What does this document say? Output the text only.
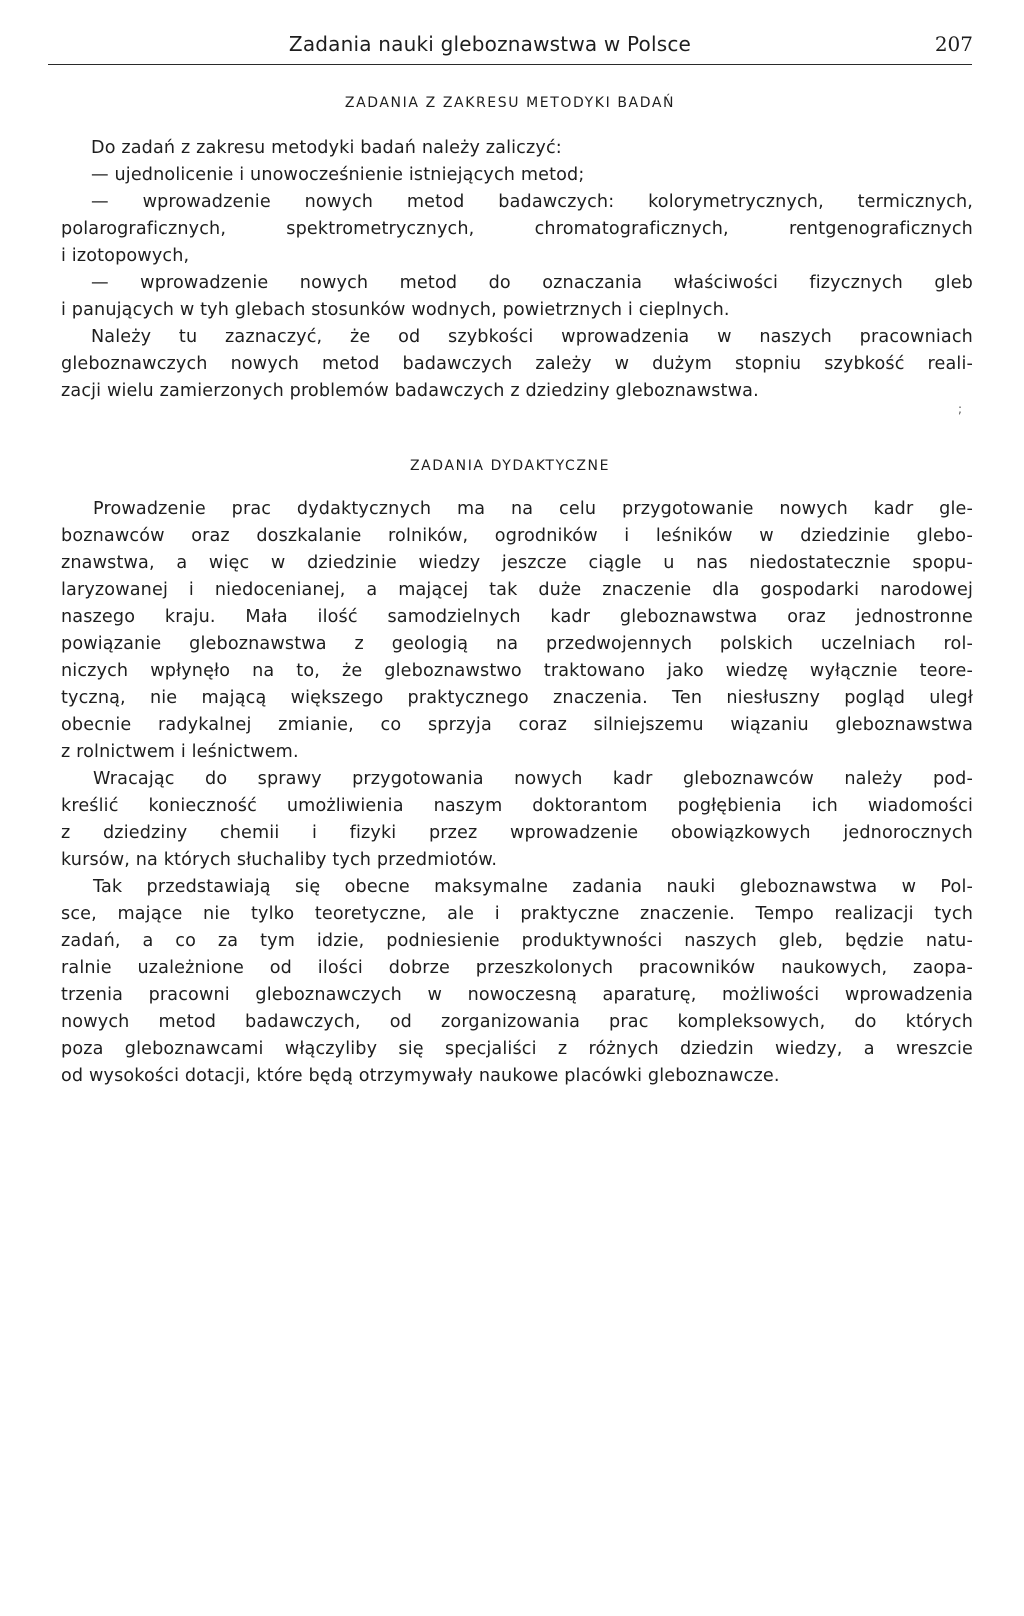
Zadania nauki gleboznawstwa w Polsce	207
ZADANIA Z ZAKRESU METODYKI BADAŃ
Do zadań z zakresu metodyki badań należy zaliczyć:
— ujednolicenie i unowocześnienie istniejących metod;
— wprowadzenie nowych metod badawczych: kolorymetrycznych, termicznych,
polarograficznych, spektrometrycznych, chromatograficznych, rentgenograficznych
i izotopowych,
— wprowadzenie nowych metod do oznaczania właściwości fizycznych gleb
i panujących w tyh glebach stosunków wodnych, powietrznych i cieplnych.
Należy tu zaznaczyć, że od szybkości wprowadzenia w naszych pracowniach
gleboznawczych nowych metod badawczych zależy w dużym stopniu szybkość reali-
zacji wielu zamierzonych problemów badawczych z dziedziny gleboznawstwa.
;
ZADANIA DYDAKTYCZNE
Prowadzenie prac dydaktycznych ma na celu przygotowanie nowych kadr gle-
boznawców oraz doszkalanie rolników, ogrodników i leśników w dziedzinie glebo-
znawstwa, a więc w dziedzinie wiedzy jeszcze ciągle u nas niedostatecznie spopu-
laryzowanej i niedocenianej, a mającej tak duże znaczenie dla gospodarki narodowej
naszego kraju. Mała ilość samodzielnych kadr gleboznawstwa oraz jednostronne
powiązanie gleboznawstwa z geologią na przedwojennych polskich uczelniach rol-
niczych wpłynęło na to, że gleboznawstwo traktowano jako wiedzę wyłącznie teore-
tyczną, nie mającą większego praktycznego znaczenia. Ten niesłuszny pogląd uległ
obecnie radykalnej zmianie, co sprzyja coraz silniejszemu wiązaniu gleboznawstwa
z rolnictwem i leśnictwem.
Wracając do sprawy przygotowania nowych kadr gleboznawców należy pod-
kreślić konieczność umożliwienia naszym doktorantom pogłębienia ich wiadomości
z dziedziny chemii i fizyki przez wprowadzenie obowiązkowych jednorocznych
kursów, na których słuchaliby tych przedmiotów.
Tak przedstawiają się obecne maksymalne zadania nauki gleboznawstwa w Pol-
sce, mające nie tylko teoretyczne, ale i praktyczne znaczenie. Tempo realizacji tych
zadań, a co za tym idzie, podniesienie produktywności naszych gleb, będzie natu-
ralnie uzależnione od ilości dobrze przeszkolonych pracowników naukowych, zaopa-
trzenia pracowni gleboznawczych w nowoczesną aparaturę, możliwości wprowadzenia
nowych metod badawczych, od zorganizowania prac kompleksowych, do których
poza gleboznawcami włączyliby się specjaliści z różnych dziedzin wiedzy, a wreszcie
od wysokości dotacji, które będą otrzymywały naukowe placówki gleboznawcze.
